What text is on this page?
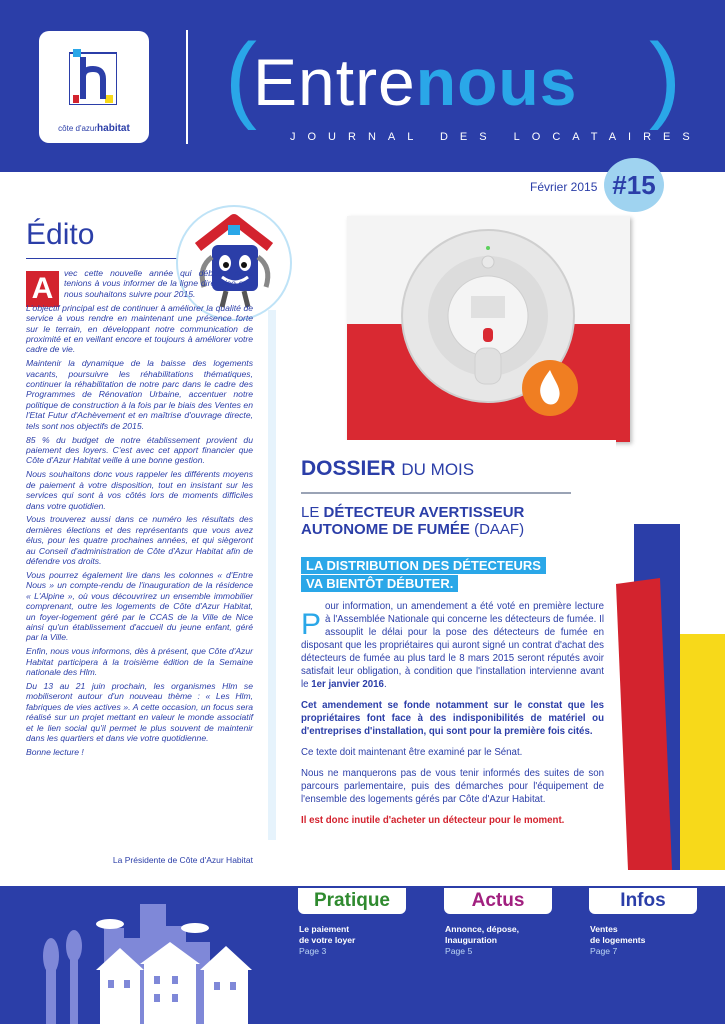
côte d'azurhabitat (
Entrenous )
JOURNAL DES LOCATAIRES
Février 2015 #15
Édito
A	vec cette nouvelle année qui débute, nous tenions à vous informer de la ligne directrice que nous souhaitons suivre pour 2015.

L'objectif principal est de continuer à améliorer la qualité de service à vous rendre en maintenant une présence forte sur le terrain, en développant notre communication de proximité et en veillant encore et toujours à améliorer votre cadre de vie.

Maintenir la dynamique de la baisse des logements vacants, poursuivre les réhabilitations thématiques, continuer la réhabilitation de notre parc dans le cadre des Programmes de Rénovation Urbaine, accentuer notre politique de construction à la fois par le biais des Ventes en l'Etat Futur d'Achèvement et en maîtrise d'ouvrage directe, tels sont nos objectifs de 2015.

85 % du budget de notre établissement provient du paiement des loyers. C'est avec cet apport financier que Côte d'Azur Habitat veille à une bonne gestion.

Nous souhaitons donc vous rappeler les différents moyens de paiement à votre disposition, tout en insistant sur les services qui sont à vos côtés lors de moments difficiles dans votre quotidien.

Vous trouverez aussi dans ce numéro les résultats des dernières élections et des représentants que vous avez élus, pour les quatre prochaines années, et qui siègeront au Conseil d'administration de Côte d'Azur Habitat afin de défendre vos droits.

Vous pourrez également lire dans les colonnes « d'Entre Nous » un compte-rendu de l'inauguration de la résidence « L'Alpine », où vous découvrirez un ensemble immobilier comprenant, outre les logements de Côte d'Azur Habitat, un foyer-logement géré par le CCAS de la Ville de Nice ainsi qu'un établissement d'accueil du jeune enfant, géré par la Ville.

Enfin, nous vous informons, dès à présent, que Côte d'Azur Habitat participera à la troisième édition de la Semaine nationale des Hlm.

Du 13 au 21 juin prochain, les organismes Hlm se mobiliseront autour d'un nouveau thème : « Les Hlm, fabriques de vies actives ». A cette occasion, un focus sera réalisé sur un projet mettant en valeur le monde associatif et le lien social qu'il permet le plus souvent de maintenir dans les quartiers et dans vie votre quotidienne.

Bonne lecture !

La Présidente de Côte d'Azur Habitat
DOSSIER DU MOIS
LE DÉTECTEUR AVERTISSEUR AUTONOME DE FUMÉE (DAAF)
LA DISTRIBUTION DES DÉTECTEURS
VA BIENTÔT DÉBUTER.

P
our information, un amendement a été voté en première lecture à l'Assemblée Nationale qui concerne les détecteurs de fumée. Il assouplit le délai pour la pose des détecteurs de fumée en disposant que les propriétaires qui auront signé un contrat d'achat des détecteurs de fumée au plus tard le 8 mars 2015 seront réputés avoir satisfait leur obligation, à condition que l'installation intervienne avant le 1er janvier 2016.

Cet amendement se fonde notamment sur le constat que les propriétaires font face à des indisponibilités de matériel ou d'entreprises d'installation, qui sont pour la première fois cités.

Ce texte doit maintenant être examiné par le Sénat.

Nous ne manquerons pas de vous tenir informés des suites de son parcours parlementaire, puis des démarches pour l'équipement de l'ensemble des logements gérés par Côte d'Azur Habitat.

Il est donc inutile d'acheter un détecteur pour le moment.

Pratique	Actus	Infos
Le paiement
de votre loyer
Page 3
Annonce, dépose,
Inauguration
Page 5
Ventes
de logements
Page 7
